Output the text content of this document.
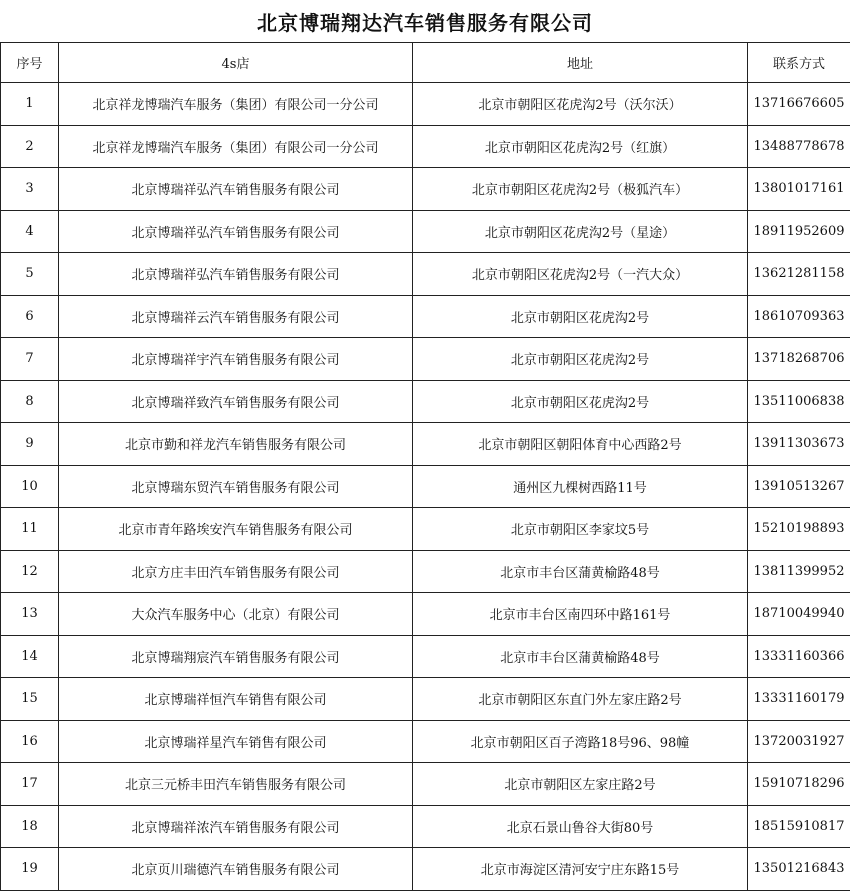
北京博瑞翔达汽车销售服务有限公司
序号	4s店	地址	联系方式
1	北京祥龙博瑞汽车服务（集团）有限公司一分公司	北京市朝阳区花虎沟2号（沃尔沃）	13716676605
2	北京祥龙博瑞汽车服务（集团）有限公司一分公司	北京市朝阳区花虎沟2号（红旗）	13488778678
3	北京博瑞祥弘汽车销售服务有限公司	北京市朝阳区花虎沟2号（极狐汽车）	13801017161
4	北京博瑞祥弘汽车销售服务有限公司	北京市朝阳区花虎沟2号（星途）	18911952609
5	北京博瑞祥弘汽车销售服务有限公司	北京市朝阳区花虎沟2号（一汽大众）	13621281158
6	北京博瑞祥云汽车销售服务有限公司	北京市朝阳区花虎沟2号	18610709363
7	北京博瑞祥宇汽车销售服务有限公司	北京市朝阳区花虎沟2号	13718268706
8	北京博瑞祥致汽车销售服务有限公司	北京市朝阳区花虎沟2号	13511006838
9	北京市勤和祥龙汽车销售服务有限公司	北京市朝阳区朝阳体育中心西路2号	13911303673
10	北京博瑞东贸汽车销售服务有限公司	通州区九棵树西路11号	13910513267
11	北京市青年路埃安汽车销售服务有限公司	北京市朝阳区李家坟5号	15210198893
12	北京方庄丰田汽车销售服务有限公司	北京市丰台区蒲黄榆路48号	13811399952
13	大众汽车服务中心（北京）有限公司	北京市丰台区南四环中路161号	18710049940
14	北京博瑞翔宸汽车销售服务有限公司	北京市丰台区蒲黄榆路48号	13331160366
15	北京博瑞祥恒汽车销售有限公司	北京市朝阳区东直门外左家庄路2号	13331160179
16	北京博瑞祥星汽车销售有限公司	北京市朝阳区百子湾路18号96、98幢	13720031927
17	北京三元桥丰田汽车销售服务有限公司	北京市朝阳区左家庄路2号	15910718296
18	北京博瑞祥浓汽车销售服务有限公司	北京石景山鲁谷大街80号	18515910817
19	北京页川瑞德汽车销售服务有限公司	北京市海淀区清河安宁庄东路15号	13501216843
